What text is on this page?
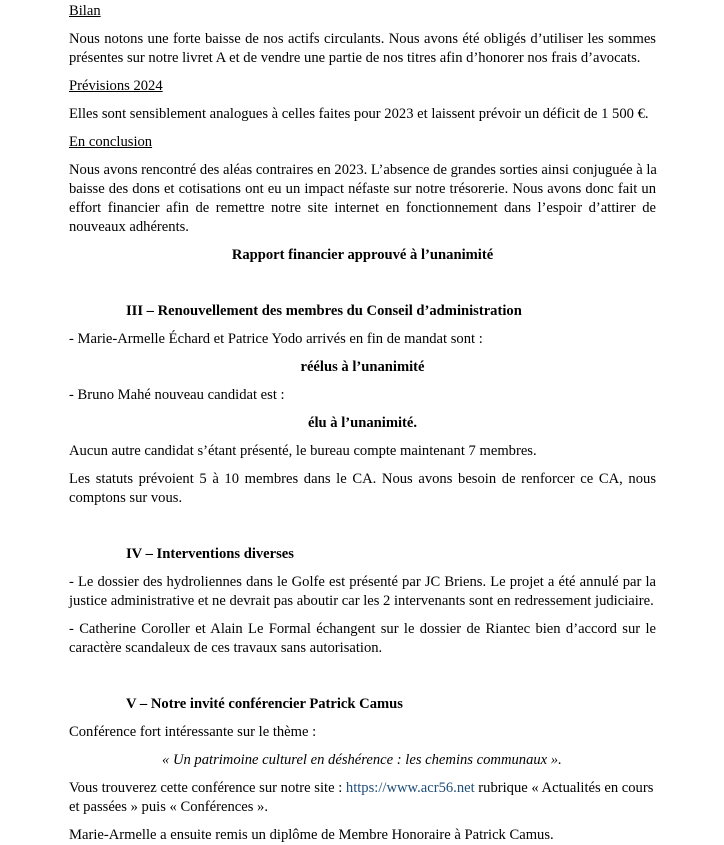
Bilan
Nous notons une forte baisse de nos actifs circulants. Nous avons été obligés d’utiliser les sommes
présentes sur notre livret A et de vendre une partie de nos titres afin d’honorer nos frais d’avocats.
Prévisions 2024
Elles sont sensiblement analogues à celles faites pour 2023 et laissent prévoir un déficit de 1 500 €.
En conclusion
Nous avons rencontré des aléas contraires en 2023. L’absence de grandes sorties ainsi conjuguée à la
baisse des dons et cotisations ont eu un impact néfaste sur notre trésorerie. Nous avons donc fait un
effort financier afin de remettre notre site internet en fonctionnement dans l’espoir d’attirer de
nouveaux adhérents.
Rapport financier approuvé à l’unanimité
III – Renouvellement des membres du Conseil d’administration
- Marie-Armelle Échard et Patrice Yodo arrivés en fin de mandat sont :
réélus à l’unanimité
- Bruno Mahé nouveau candidat est :
élu à l’unanimité.
Aucun autre candidat s’étant présenté, le bureau compte maintenant 7 membres.
Les statuts prévoient 5 à 10 membres dans le CA. Nous avons besoin de renforcer ce CA, nous
comptons sur vous.
IV – Interventions diverses
- Le dossier des hydroliennes dans le Golfe est présenté par JC Briens. Le projet a été annulé par la
justice administrative et ne devrait pas aboutir car les 2 intervenants sont en redressement judiciaire.
- Catherine Coroller et Alain Le Formal échangent sur le dossier de Riantec bien d’accord sur le
caractère scandaleux de ces travaux sans autorisation.
V – Notre invité conférencier Patrick Camus
Conférence fort intéressante sur le thème :
« Un patrimoine culturel en déshérence : les chemins communaux ».
Vous trouverez cette conférence sur notre site : https://www.acr56.net rubrique « Actualités en cours
et passées » puis « Conférences ».
Marie-Armelle a ensuite remis un diplôme de Membre Honoraire à Patrick Camus.
